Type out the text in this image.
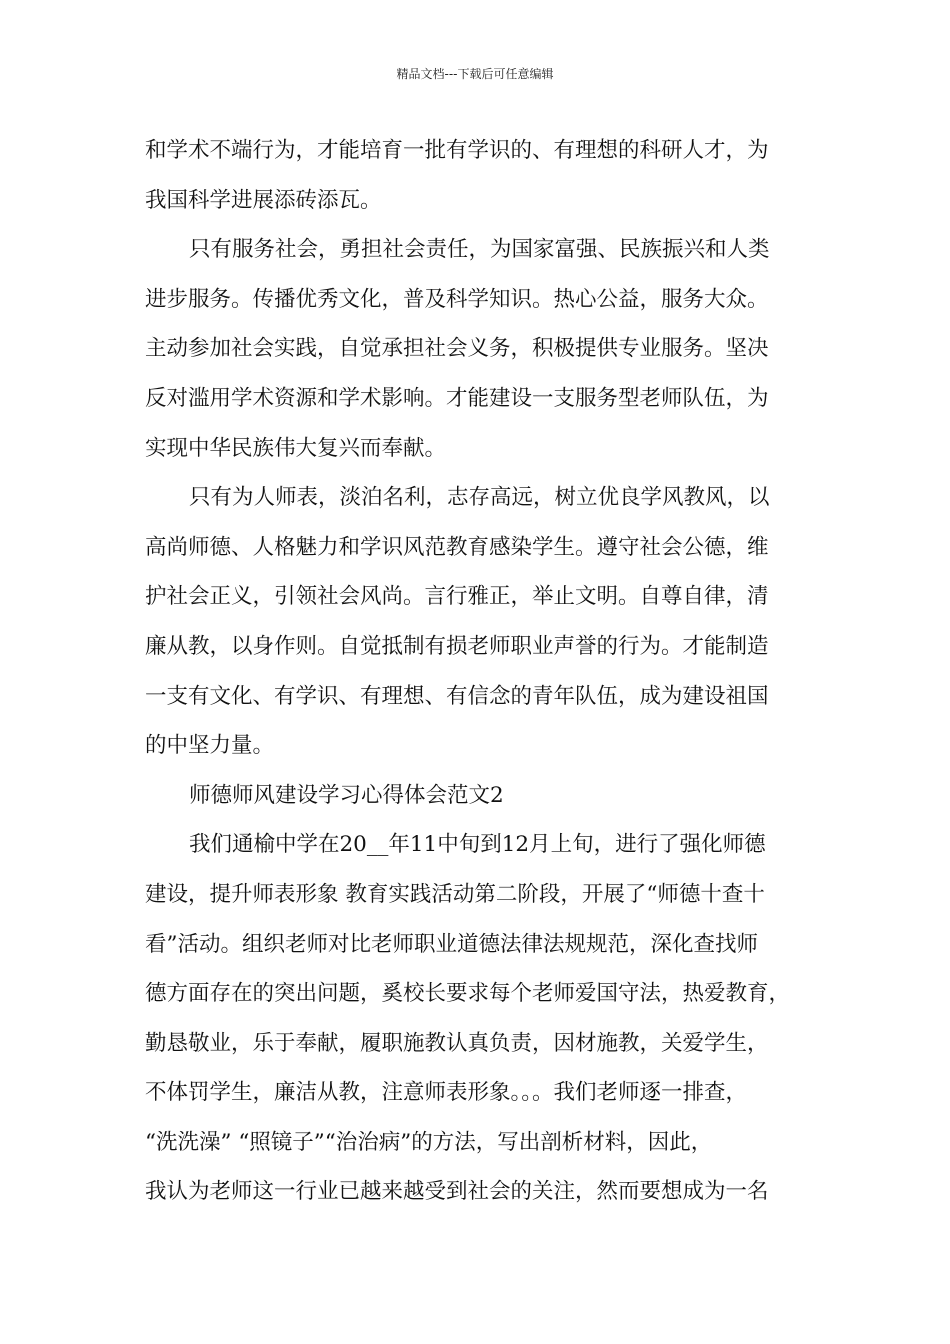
精品文档---下载后可任意编辑
和学术不端行为，才能培育一批有学识的、有理想的科研人才，为
我国科学进展添砖添瓦。
只有服务社会，勇担社会责任，为国家富强、民族振兴和人类
进步服务。传播优秀文化，普及科学知识。热心公益，服务大众。
主动参加社会实践，自觉承担社会义务，积极提供专业服务。坚决
反对滥用学术资源和学术影响。才能建设一支服务型老师队伍，为
实现中华民族伟大复兴而奉献。
只有为人师表，淡泊名利，志存高远，树立优良学风教风，以
高尚师德、人格魅力和学识风范教育感染学生。遵守社会公德，维
护社会正义，引领社会风尚。言行雅正，举止文明。自尊自律，清
廉从教，以身作则。自觉抵制有损老师职业声誉的行为。才能制造
一支有文化、有学识、有理想、有信念的青年队伍，成为建设祖国
的中坚力量。
师德师风建设学习心得体会范文2
我们通榆中学在20__年11中旬到12月上旬，进行了强化师德
建设，提升师表形象 教育实践活动第二阶段，开展了“师德十查十
看”活动。组织老师对比老师职业道德法律法规规范，深化查找师
德方面存在的突出问题，奚校长要求每个老师爱国守法，热爱教育，
勤恳敬业，乐于奉献，履职施教认真负责，因材施教，关爱学生，
不体罚学生，廉洁从教，注意师表形象。。。我们老师逐一排查，
“洗洗澡” “照镜子”“治治病”的方法，写出剖析材料，因此，
我认为老师这一行业已越来越受到社会的关注，然而要想成为一名
